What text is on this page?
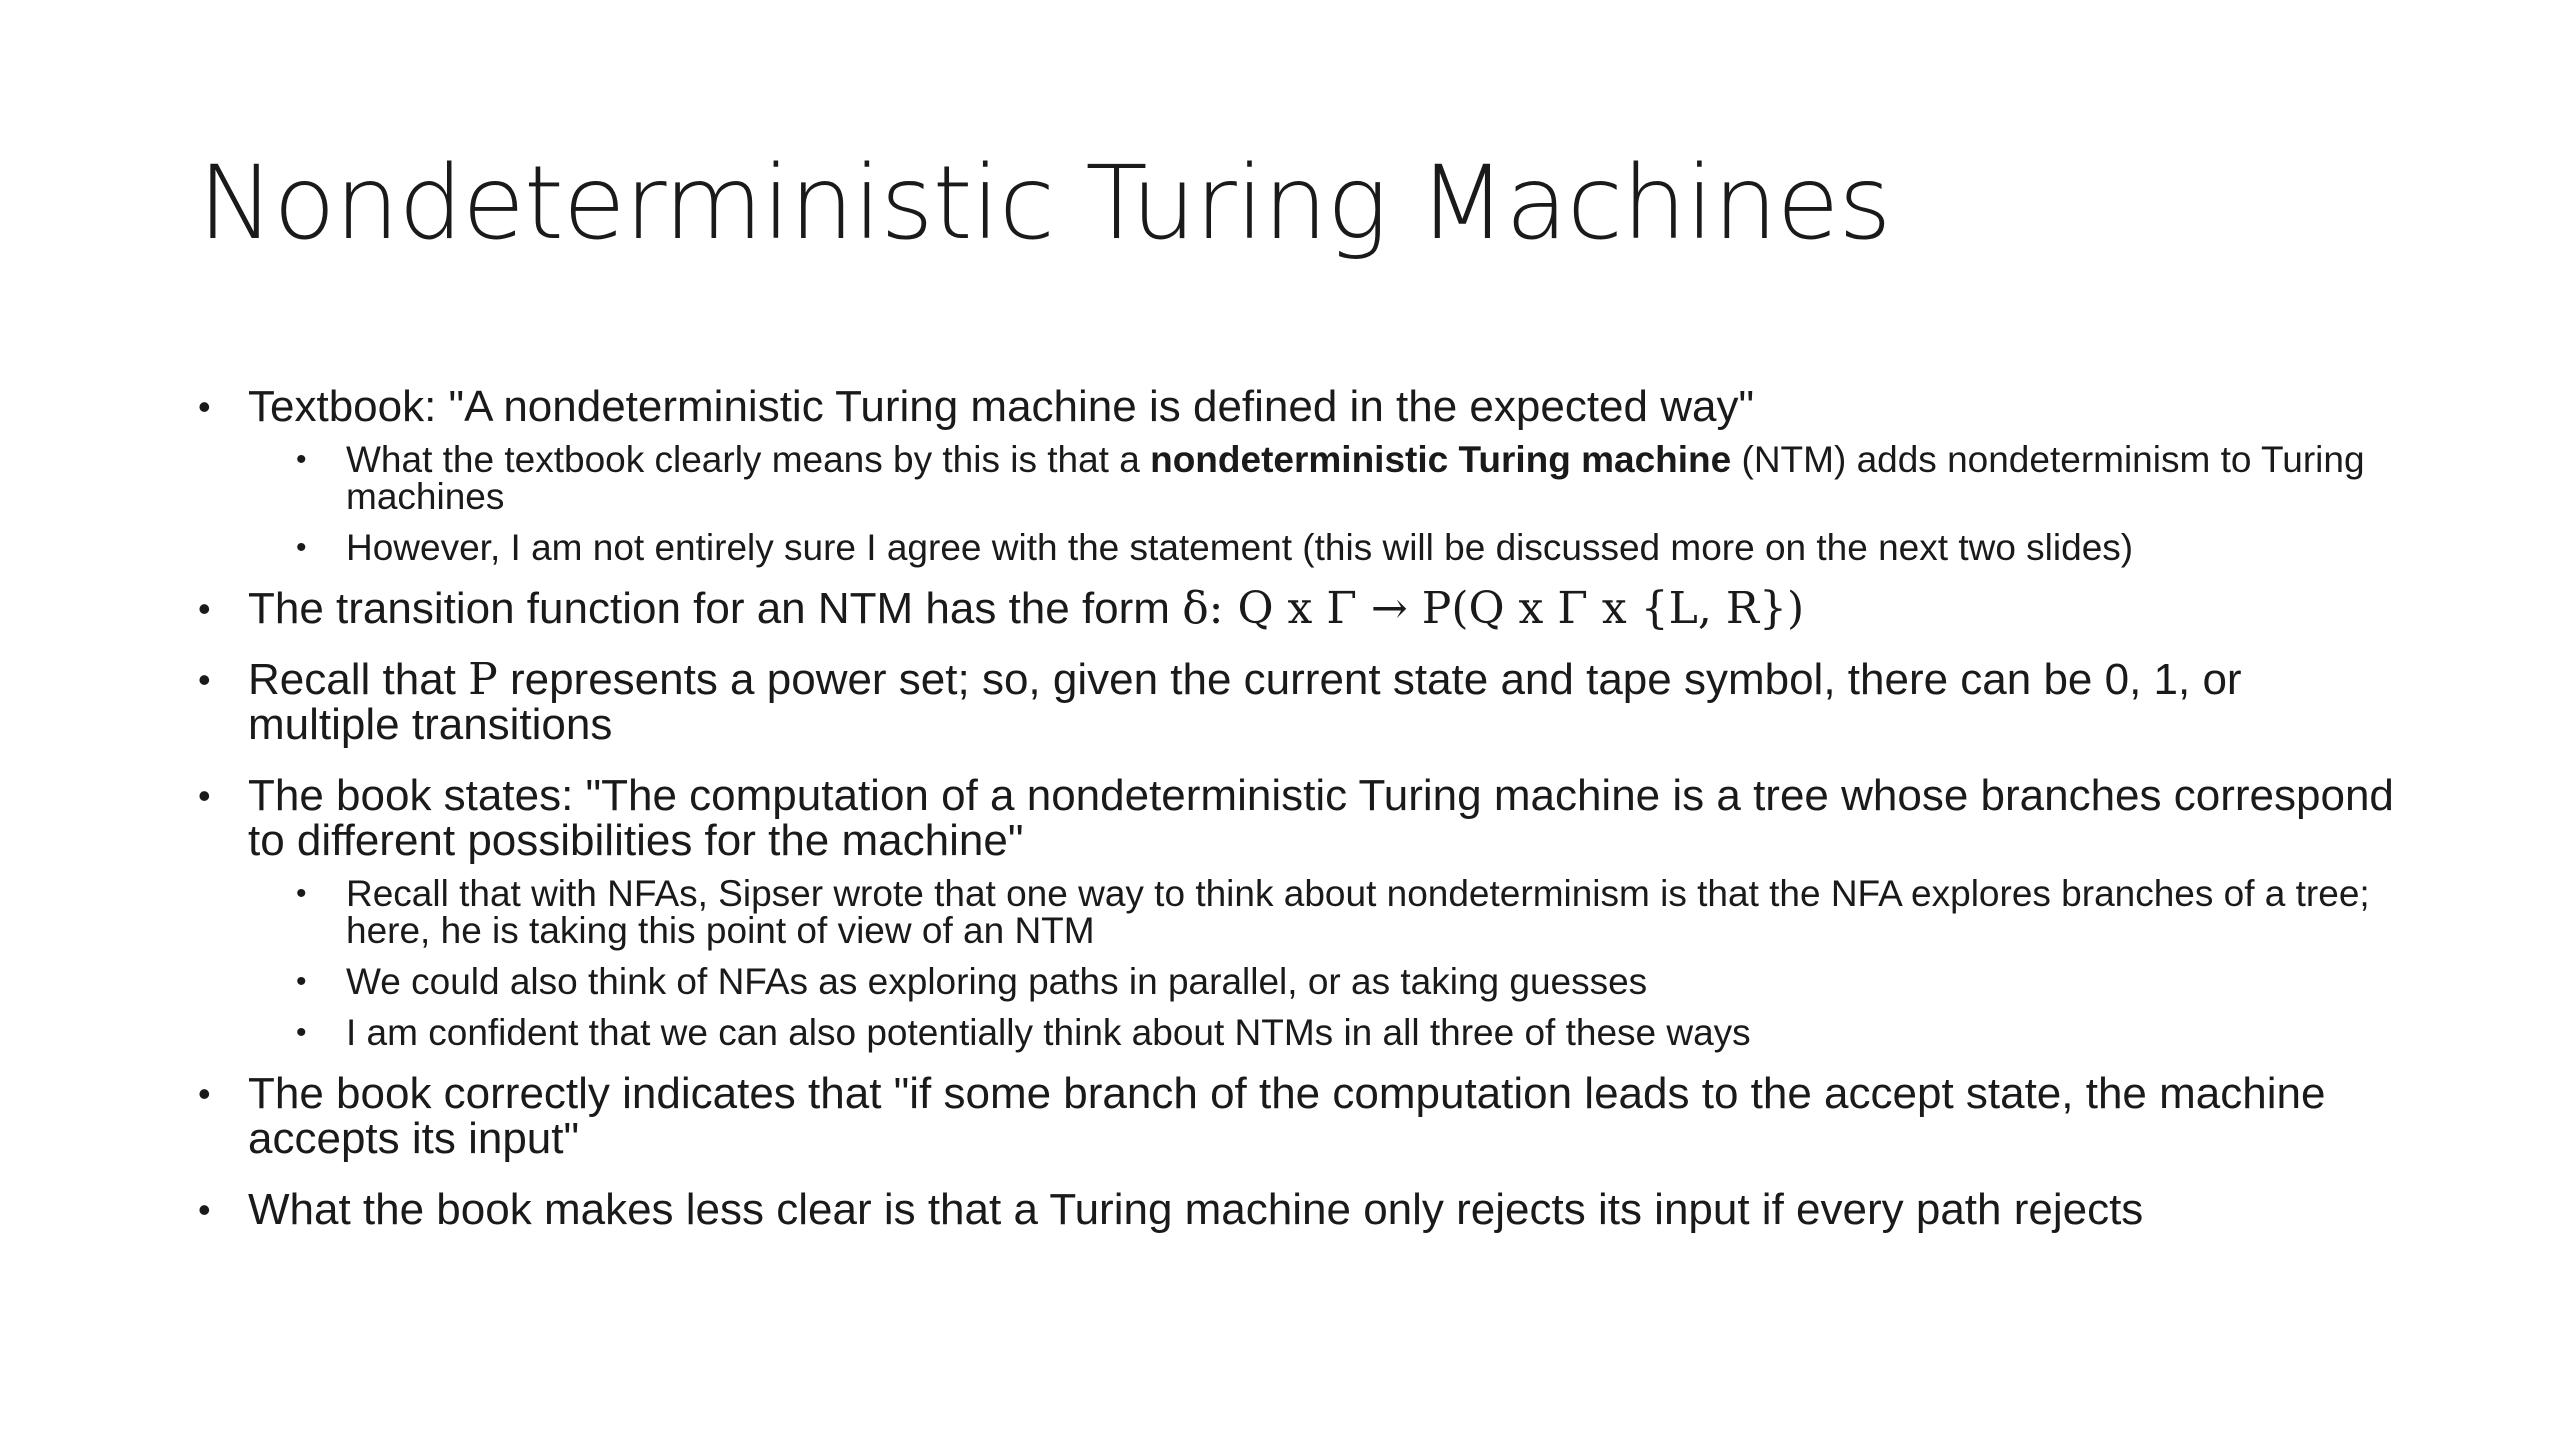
Nondeterministic Turing Machines
• Textbook: "A nondeterministic Turing machine is defined in the expected way"
•	What the textbook clearly means by this is that a nondeterministic Turing machine (NTM) adds nondeterminism to Turing machines
•	However, I am not entirely sure I agree with the statement (this will be discussed more on the next two slides)
• The transition function for an NTM has the form δ: Q x Γ → P(Q x Γ x {L, R})
• Recall that P represents a power set; so, given the current state and tape symbol, there can be 0, 1, or multiple transitions
• The book states: "The computation of a nondeterministic Turing machine is a tree whose branches correspond to different possibilities for the machine"
•	Recall that with NFAs, Sipser wrote that one way to think about nondeterminism is that the NFA explores branches of a tree; here, he is taking this point of view of an NTM
•	We could also think of NFAs as exploring paths in parallel, or as taking guesses
•	I am confident that we can also potentially think about NTMs in all three of these ways
• The book correctly indicates that "if some branch of the computation leads to the accept state, the machine accepts its input"
• What the book makes less clear is that a Turing machine only rejects its input if every path rejects
